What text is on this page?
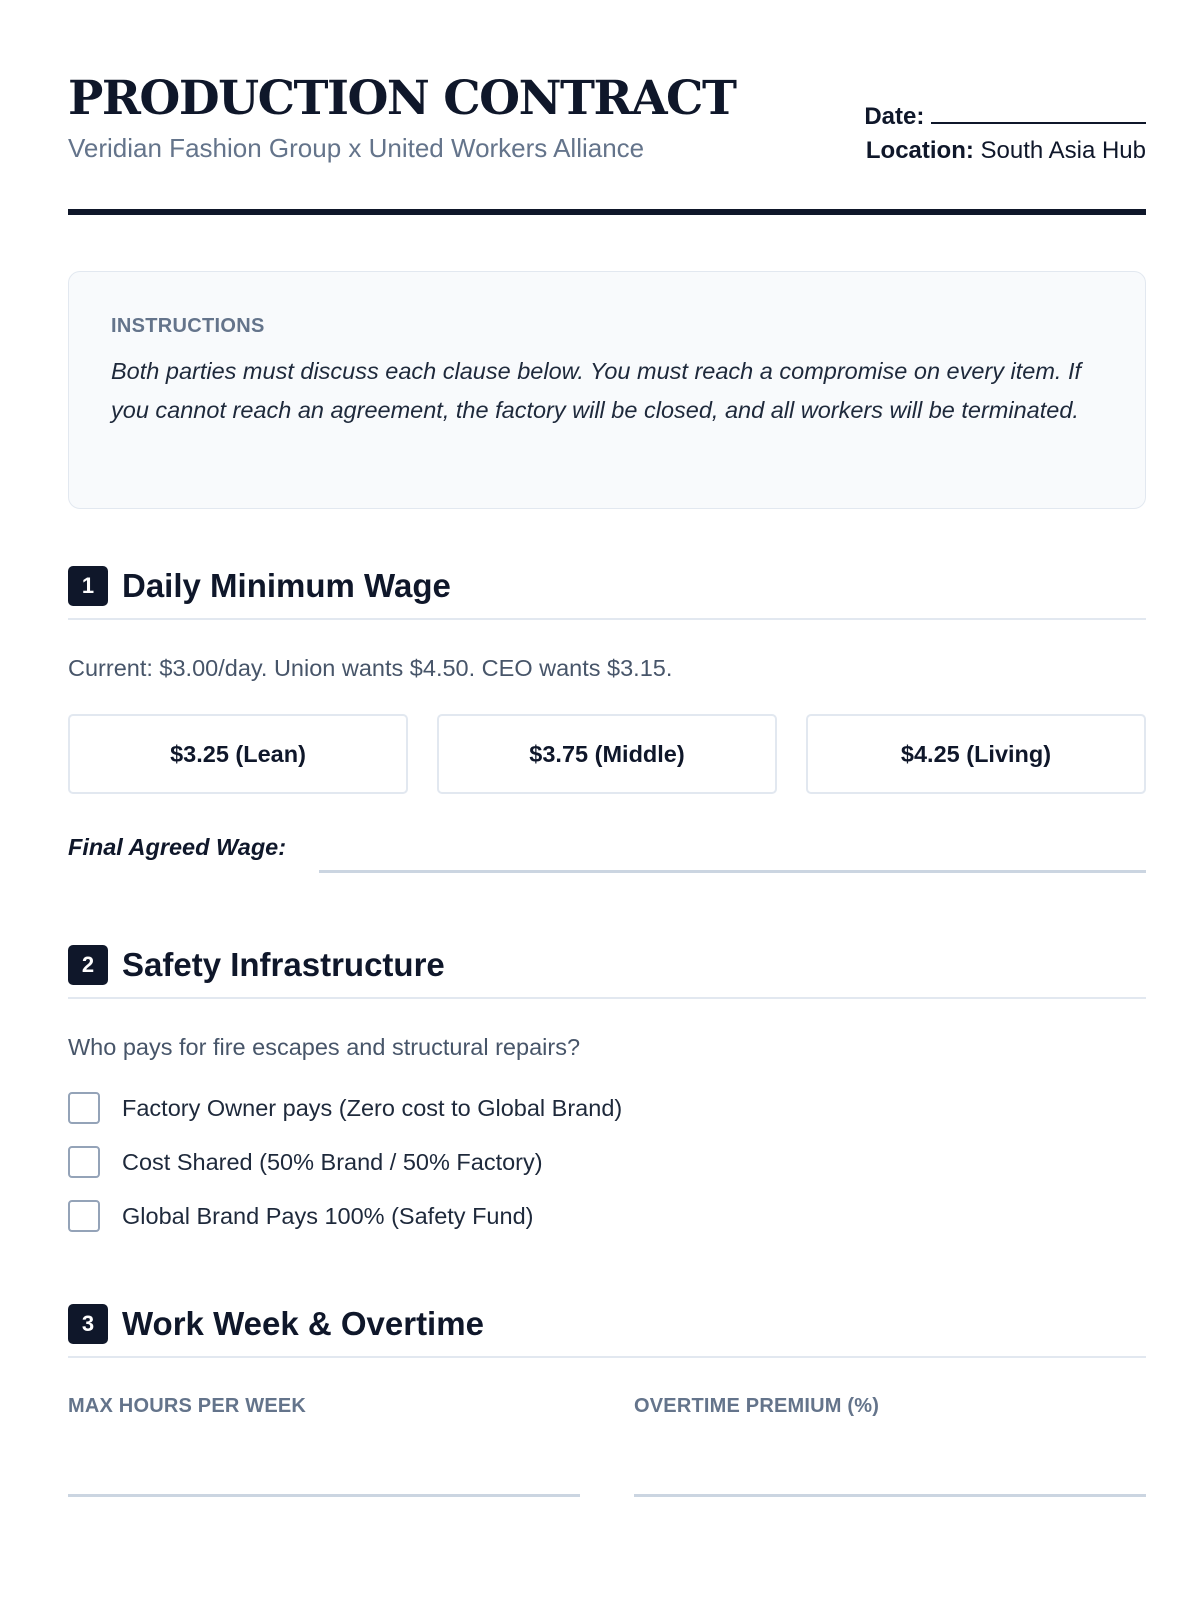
PRODUCTION CONTRACT
Veridian Fashion Group x United Workers Alliance
Date:
Location: South Asia Hub
INSTRUCTIONS
Both parties must discuss each clause below. You must reach a compromise on every item. If you cannot reach an agreement, the factory will be closed, and all workers will be terminated.
1 Daily Minimum Wage
Current: $3.00/day. Union wants $4.50. CEO wants $3.15.
$3.25 (Lean)	$3.75 (Middle)	$4.25 (Living)
Final Agreed Wage:
2 Safety Infrastructure
Who pays for fire escapes and structural repairs?
Factory Owner pays (Zero cost to Global Brand)
Cost Shared (50% Brand / 50% Factory)
Global Brand Pays 100% (Safety Fund)
3 Work Week & Overtime
MAX HOURS PER WEEK	OVERTIME PREMIUM (%)
